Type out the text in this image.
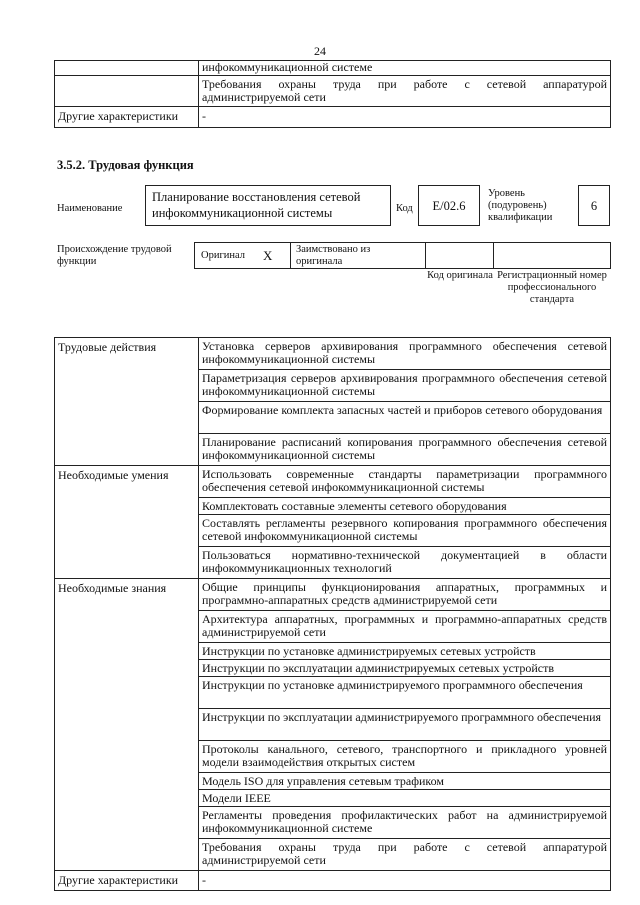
24
	инфокоммуникационной системе
	Требования охраны труда при работе с сетевой аппаратурой администрируемой сети
Другие характеристики	-
3.5.2. Трудовая функция
Наименование
Планирование восстановления сетевой инфокоммуникационной системы	Код	E/02.6
Уровень (подуровень) квалификации
6
Происхождение трудовой функции
Оригинал X Заимствовано из оригинала
Код оригинала Регистрационный номер профессионального стандарта
Трудовые действия	Установка серверов архивирования программного обеспечения сетевой инфокоммуникационной системы
	Параметризация серверов архивирования программного обеспечения сетевой инфокоммуникационной системы
	Формирование комплекта запасных частей и приборов сетевого оборудования
	Планирование расписаний копирования программного обеспечения сетевой инфокоммуникационной системы
Необходимые умения	Использовать современные стандарты параметризации программного обеспечения сетевой инфокоммуникационной системы
	Комплектовать составные элементы сетевого оборудования
	Составлять регламенты резервного копирования программного обеспечения сетевой инфокоммуникационной системы
	Пользоваться нормативно-технической документацией в области инфокоммуникационных технологий
Необходимые знания	Общие принципы функционирования аппаратных, программных и программно-аппаратных средств администрируемой сети
	Архитектура аппаратных, программных и программно-аппаратных средств администрируемой сети
	Инструкции по установке администрируемых сетевых устройств
	Инструкции по эксплуатации администрируемых сетевых устройств
	Инструкции по установке администрируемого программного обеспечения
	Инструкции по эксплуатации администрируемого программного обеспечения
	Протоколы канального, сетевого, транспортного и прикладного уровней модели взаимодействия открытых систем
	Модель ISO для управления сетевым трафиком
	Модели IEEE
	Регламенты проведения профилактических работ на администрируемой инфокоммуникационной системе
	Требования охраны труда при работе с сетевой аппаратурой администрируемой сети
Другие характеристики	-
